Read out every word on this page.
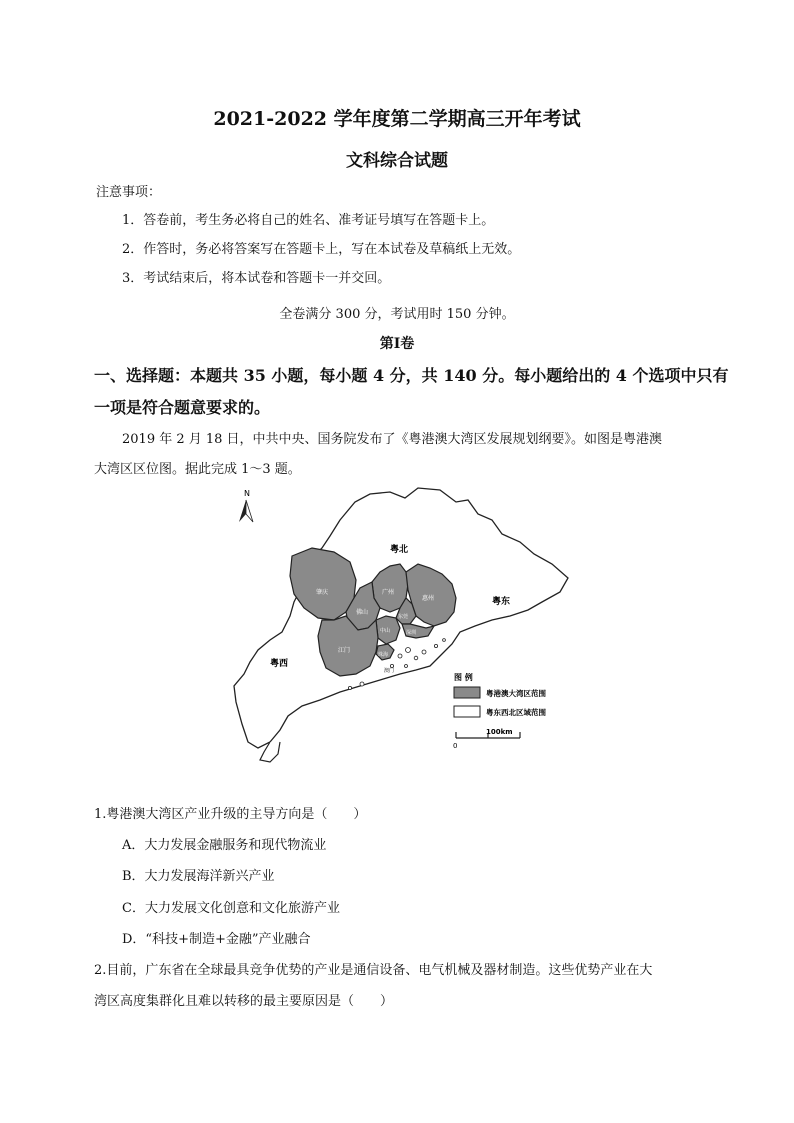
2021-2022 学年度第二学期高三开年考试
文科综合试题
注意事项：
1．答卷前，考生务必将自己的姓名、准考证号填写在答题卡上。
2．作答时，务必将答案写在答题卡上，写在本试卷及草稿纸上无效。
3．考试结束后，将本试卷和答题卡一并交回。
全卷满分 300 分，考试用时 150 分钟。
第Ⅰ卷
一、选择题：本题共 35 小题，每小题 4 分，共 140 分。每小题给出的 4 个选项中只有
一项是符合题意要求的。
2019 年 2 月 18 日，中共中央、国务院发布了《粤港澳大湾区发展规划纲要》。如图是粤港澳
大湾区区位图。据此完成 1～3 题。
N
粤北
粤东
粤西
肇庆	广州
惠州
佛山
东莞
中山	深圳
江门
珠海
澳门
图 例
粤港澳大湾区范围
粤东西北区域范围
0
100km
1.粤港澳大湾区产业升级的主导方向是（　　）
A．大力发展金融服务和现代物流业
B．大力发展海洋新兴产业
C．大力发展文化创意和文化旅游产业
D．“科技+制造+金融”产业融合
2.目前，广东省在全球最具竞争优势的产业是通信设备、电气机械及器材制造。这些优势产业在大
湾区高度集群化且难以转移的最主要原因是（　　）
